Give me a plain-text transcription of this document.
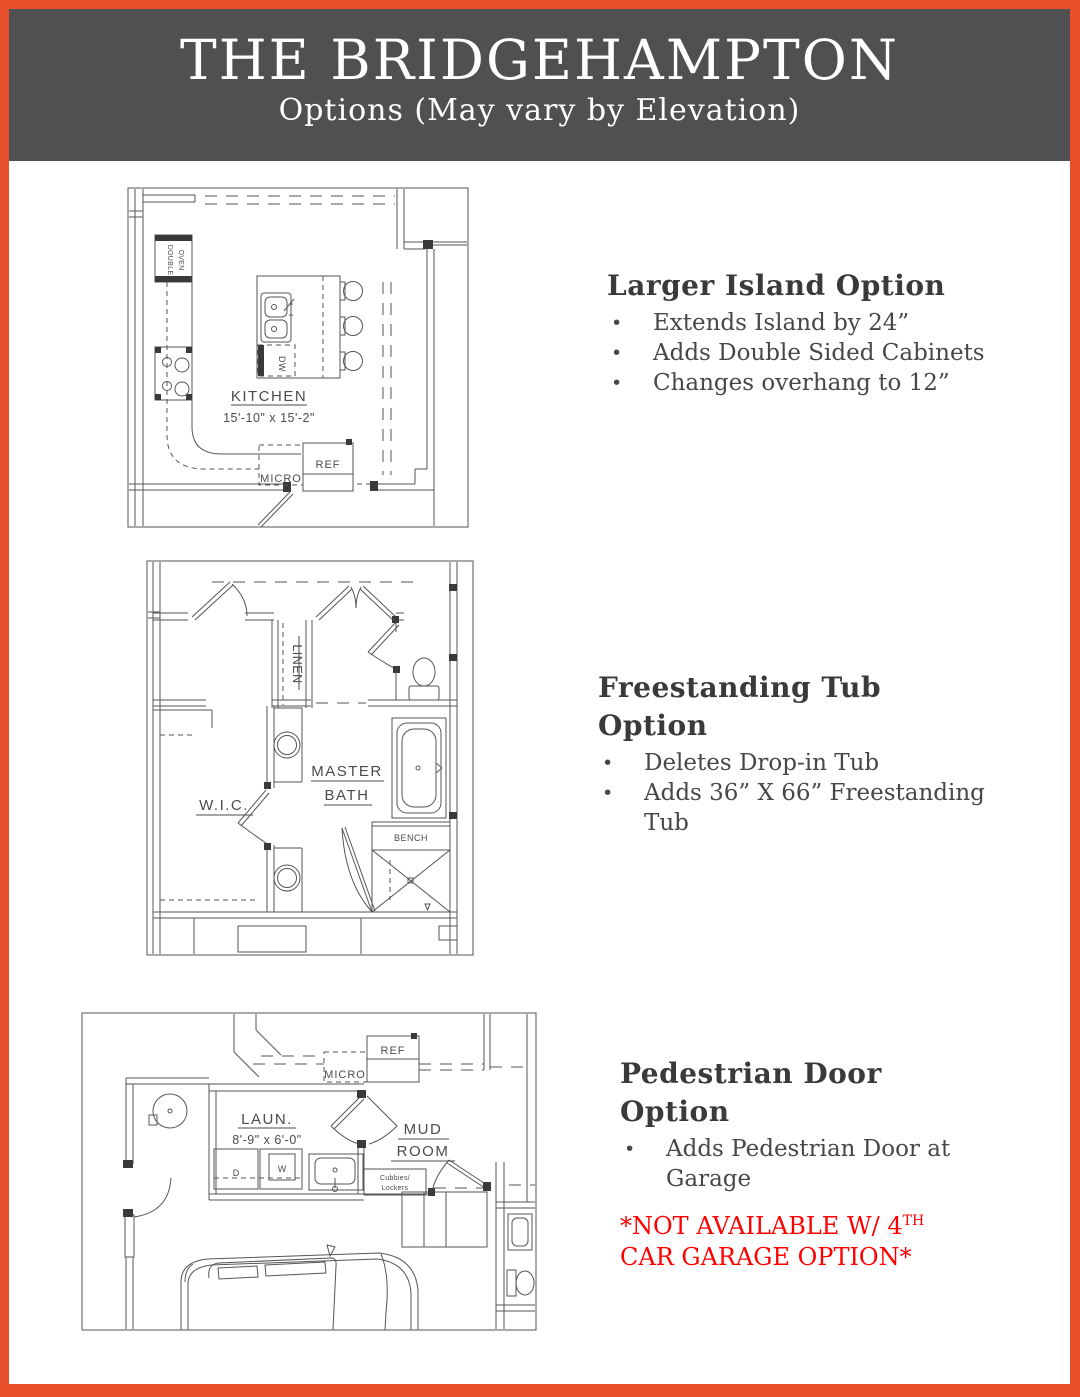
THE BRIDGEHAMPTON
Options (May vary by Elevation)
DOUBLE OVEN
DW
KITCHEN
15'-10" x 15'-2"
MICRO
REF
LINEN
BENCH
MASTER
BATH
W.I.C.
REF
MICRO
LAUN.
8'-9" x 6'-0"
D	W
MUD
ROOM
Cubbies/
Lockers
Larger Island Option
•	Extends Island by 24”
•	Adds Double Sided Cabinets
•	Changes overhang to 12”
Freestanding Tub Option
•	Deletes Drop-in Tub
•	Adds 36” X 66” Freestanding Tub
Pedestrian Door Option
•	Adds Pedestrian Door at Garage
*NOT AVAILABLE W/ 4TH CAR GARAGE OPTION*
